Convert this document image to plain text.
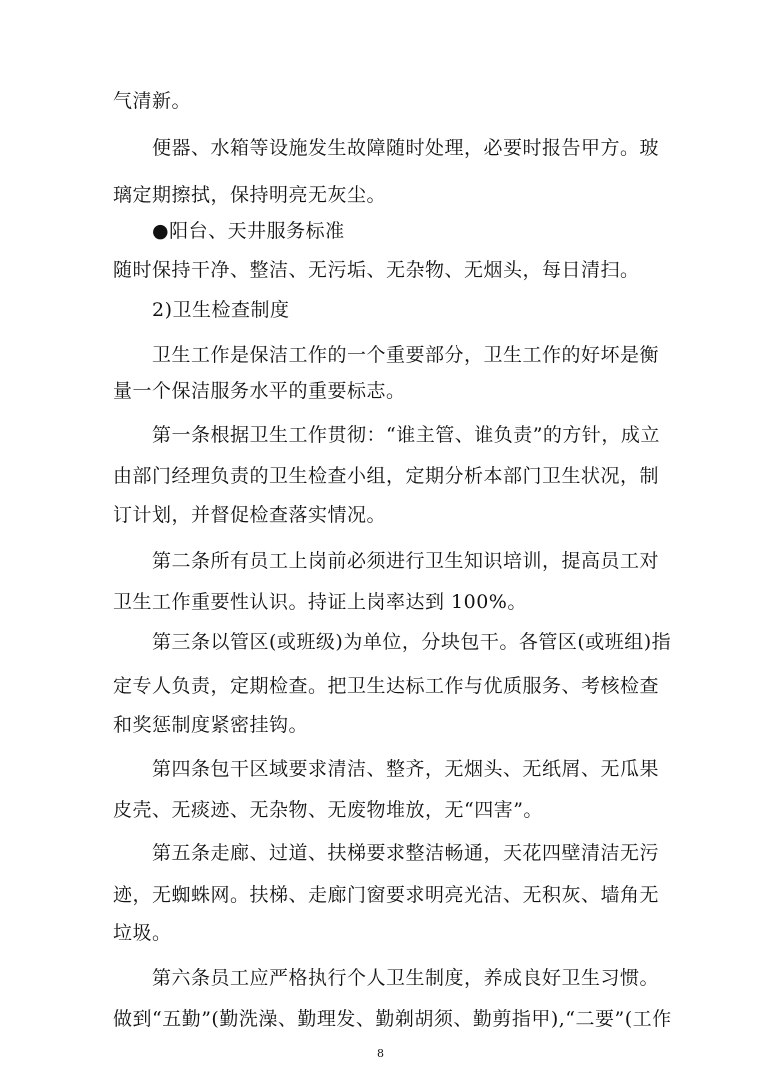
气清新。
便器、水箱等设施发生故障随时处理，必要时报告甲方。玻
璃定期擦拭，保持明亮无灰尘。
●阳台、天井服务标准
随时保持干净、整洁、无污垢、无杂物、无烟头，每日清扫。
2)卫生检查制度
卫生工作是保洁工作的一个重要部分，卫生工作的好坏是衡
量一个保洁服务水平的重要标志。
第一条根据卫生工作贯彻：“谁主管、谁负责”的方针，成立
由部门经理负责的卫生检查小组，定期分析本部门卫生状况，制
订计划，并督促检查落实情况。
第二条所有员工上岗前必须进行卫生知识培训，提高员工对
卫生工作重要性认识。持证上岗率达到 100%。
第三条以管区(或班级)为单位，分块包干。各管区(或班组)指
定专人负责，定期检查。把卫生达标工作与优质服务、考核检查
和奖惩制度紧密挂钩。
第四条包干区域要求清洁、整齐，无烟头、无纸屑、无瓜果
皮壳、无痰迹、无杂物、无废物堆放，无“四害”。
第五条走廊、过道、扶梯要求整洁畅通，天花四壁清洁无污
迹，无蜘蛛网。扶梯、走廊门窗要求明亮光洁、无积灰、墙角无
垃圾。
第六条员工应严格执行个人卫生制度，养成良好卫生习惯。
做到“五勤”(勤洗澡、勤理发、勤剃胡须、勤剪指甲),“二要”(工作
8
